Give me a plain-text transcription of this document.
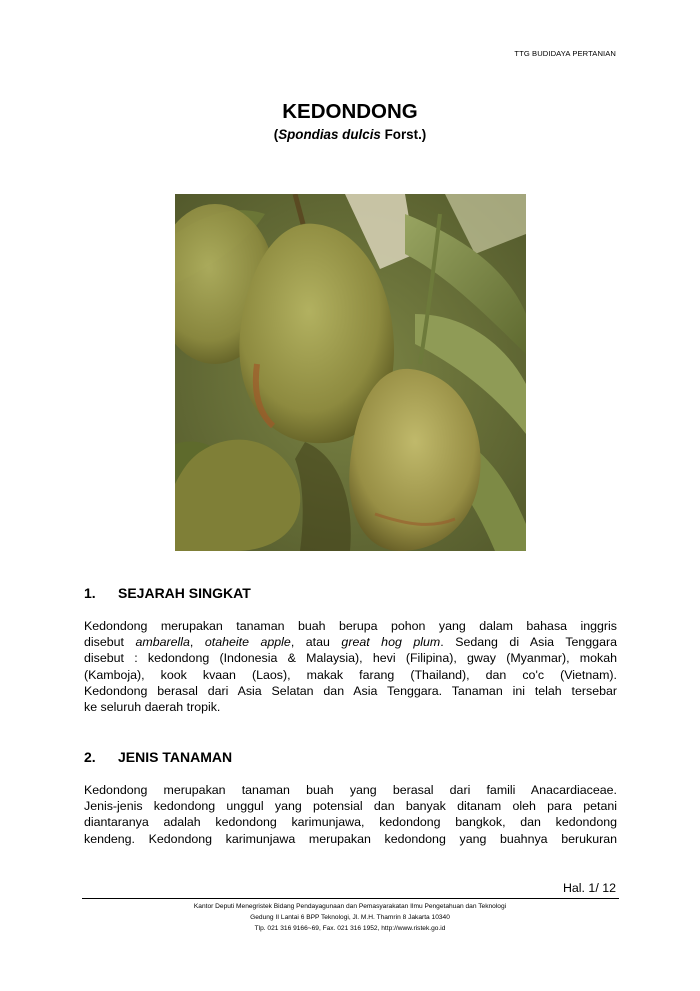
TTG BUDIDAYA PERTANIAN
KEDONDONG
(Spondias dulcis Forst.)
1. SEJARAH SINGKAT
Kedondong merupakan tanaman buah berupa pohon yang dalam bahasa inggris
disebut ambarella, otaheite apple, atau great hog plum. Sedang di Asia Tenggara
disebut : kedondong (Indonesia & Malaysia), hevi (Filipina), gway (Myanmar), mokah
(Kamboja), kook kvaan (Laos), makak farang (Thailand), dan co'c (Vietnam).
Kedondong berasal dari Asia Selatan dan Asia Tenggara. Tanaman ini telah tersebar
ke seluruh daerah tropik.
2. JENIS TANAMAN
Kedondong merupakan tanaman buah yang berasal dari famili Anacardiaceae.
Jenis-jenis kedondong unggul yang potensial dan banyak ditanam oleh para petani
diantaranya adalah kedondong karimunjawa, kedondong bangkok, dan kedondong
kendeng. Kedondong karimunjawa merupakan kedondong yang buahnya berukuran
Hal. 1/ 12
Kantor Deputi Menegristek Bidang Pendayagunaan dan Pemasyarakatan Ilmu Pengetahuan dan Teknologi
Gedung II Lantai 6 BPP Teknologi, Jl. M.H. Thamrin 8 Jakarta 10340
Tlp. 021 316 9166~69, Fax. 021 316 1952, http://www.ristek.go.id
